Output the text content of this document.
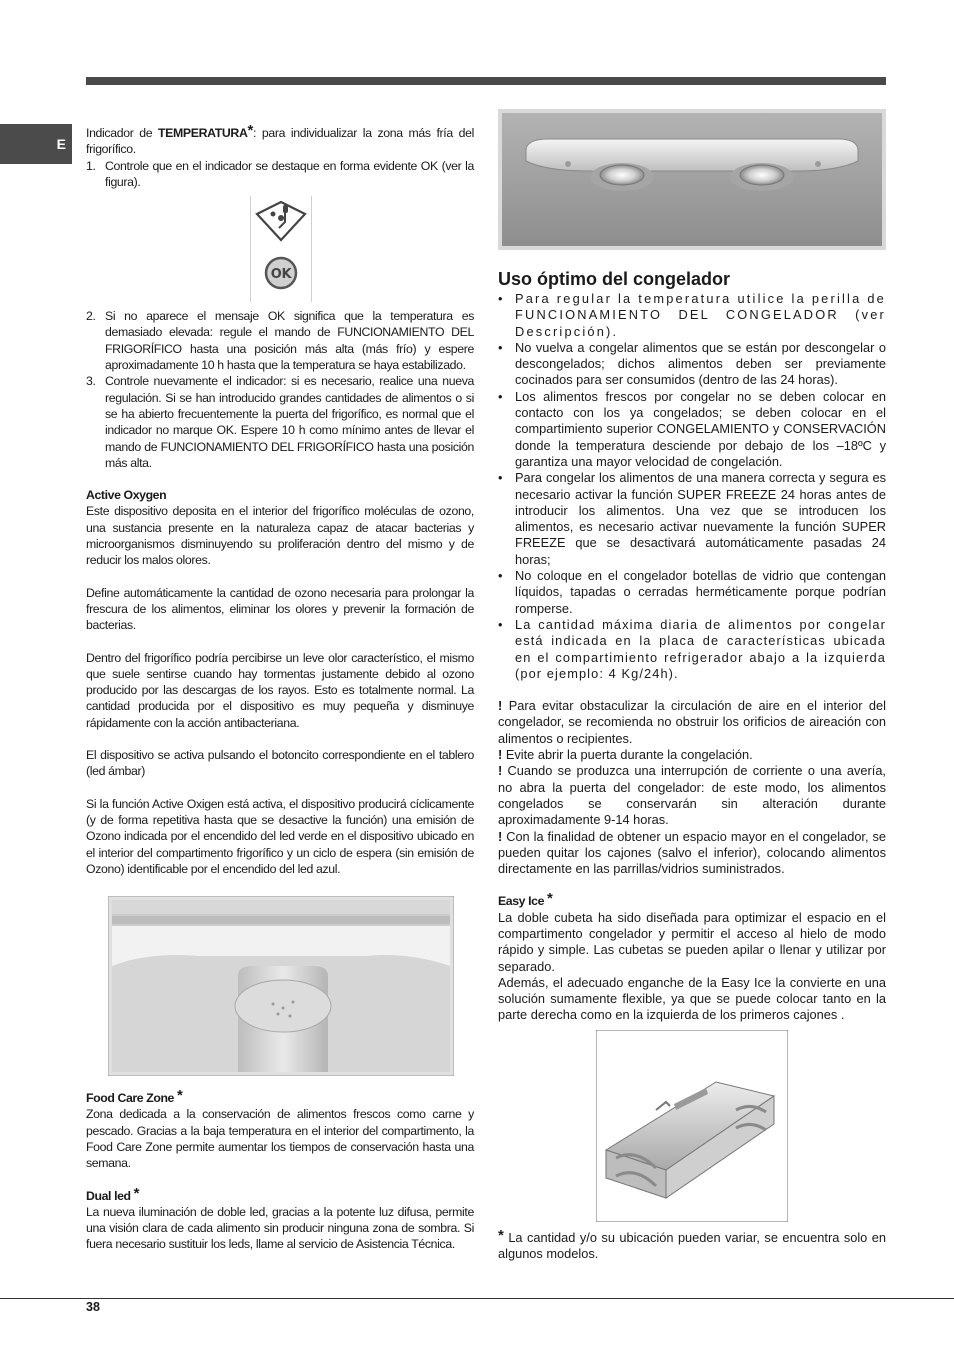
E

Indicador de TEMPERATURA*: para individualizar la zona más fría del frigorífico.

1. Controle que en el indicador se destaque en forma evidente OK (ver la figura).
OK
2. Si no aparece el mensaje OK significa que la temperatura es demasiado elevada: regule el mando de FUNCIONAMIENTO DEL FRIGORÍFICO hasta una posición más alta (más frío) y espere aproximadamente 10 h hasta que la temperatura se haya estabilizado.
3. Controle nuevamente el indicador: si es necesario, realice una nueva regulación. Si se han introducido grandes cantidades de alimentos o si se ha abierto frecuentemente la puerta del frigorífico, es normal que el indicador no marque OK. Espere 10 h como mínimo antes de llevar el mando de FUNCIONAMIENTO DEL FRIGORÍFICO hasta una posición más alta.
Active Oxygen

Este dispositivo deposita en el interior del frigorífico moléculas de ozono, una sustancia presente en la naturaleza capaz de atacar bacterias y microorganismos disminuyendo su proliferación dentro del mismo y de reducir los malos olores.

Define automáticamente la cantidad de ozono necesaria para prolongar la frescura de los alimentos, eliminar los olores y prevenir la formación de bacterias.

Dentro del frigorífico podría percibirse un leve olor característico, el mismo que suele sentirse cuando hay tormentas justamente debido al ozono producido por las descargas de los rayos. Esto es totalmente normal. La cantidad producida por el dispositivo es muy pequeña y disminuye rápidamente con la acción antibacteriana.

El dispositivo se activa pulsando el botoncito correspondiente en el tablero (led ámbar)

Si la función Active Oxigen está activa, el dispositivo producirá cíclicamente (y de forma repetitiva hasta que se desactive la función) una emisión de Ozono indicada por el encendido del led verde en el dispositivo ubicado en el interior del compartimento frigorífico y un ciclo de espera (sin emisión de Ozono) identificable por el encendido del led azul.

Food Care Zone *

Zona dedicada a la conservación de alimentos frescos como carne y pescado. Gracias a la baja temperatura en el interior del compartimento, la Food Care Zone permite aumentar los tiempos de conservación hasta una semana.

Dual led *

La nueva iluminación de doble led, gracias a la potente luz difusa, permite una visión clara de cada alimento sin producir ninguna zona de sombra. Si fuera necesario sustituir los leds, llame al servicio de Asistencia Técnica.

Uso óptimo del congelador
• Para regular la temperatura utilice la perilla de FUNCIONAMIENTO DEL CONGELADOR (ver Descripción).
• No vuelva a congelar alimentos que se están por descongelar o descongelados; dichos alimentos deben ser previamente cocinados para ser consumidos (dentro de las 24 horas).
• Los alimentos frescos por congelar no se deben colocar en contacto con los ya congelados; se deben colocar en el compartimiento superior CONGELAMIENTO y CONSERVACIÓN donde la temperatura desciende por debajo de los –18ºC y garantiza una mayor velocidad de congelación.
• Para congelar los alimentos de una manera correcta y segura es necesario activar la función SUPER FREEZE 24 horas antes de introducir los alimentos. Una vez que se introducen los alimentos, es necesario activar nuevamente la función SUPER FREEZE que se desactivará automáticamente pasadas 24 horas;
• No coloque en el congelador botellas de vidrio que contengan líquidos, tapadas o cerradas herméticamente porque podrían romperse.
• La cantidad máxima diaria de alimentos por congelar está indicada en la placa de características ubicada en el compartimiento refrigerador abajo a la izquierda (por ejemplo: 4 Kg/24h).

! Para evitar obstaculizar la circulación de aire en el interior del congelador, se recomienda no obstruir los orificios de aireación con alimentos o recipientes.

! Evite abrir la puerta durante la congelación.

! Cuando se produzca una interrupción de corriente o una avería, no abra la puerta del congelador: de este modo, los alimentos congelados se conservarán sin alteración durante aproximadamente 9-14 horas.

! Con la finalidad de obtener un espacio mayor en el congelador, se pueden quitar los cajones (salvo el inferior), colocando alimentos directamente en las parrillas/vidrios suministrados.

Easy Ice *

La doble cubeta ha sido diseñada para optimizar el espacio en el compartimento congelador y permitir el acceso al hielo de modo rápido y simple. Las cubetas se pueden apilar o llenar y utilizar por separado.

Además, el adecuado enganche de la Easy Ice la convierte en una solución sumamente flexible, ya que se puede colocar tanto en la parte derecha como en la izquierda de los primeros cajones .

* La cantidad y/o su ubicación pueden variar, se encuentra solo en algunos modelos.

38
